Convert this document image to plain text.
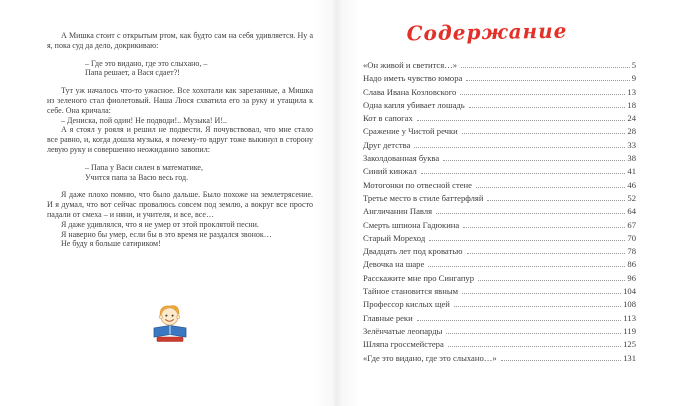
А Мишка стоит с открытым ртом, как будто сам на себя удивляется. Ну а я, пока суд да дело, докрикиваю:

– Где это видано, где это слыхано, –

Папа решает, а Вася сдает?!

Тут уж началось что-то ужасное. Все хохотали как зарезанные, а Мишка из зеленого стал фиолетовый. Наша Люся схватила его за руку и утащила к себе. Она кричала:

– Дениска, пой один! Не подводи!.. Музыка! И!..

А я стоял у рояля и решил не подвести. Я почувствовал, что мне стало все равно, и, когда дошла музыка, я почему-то вдруг тоже выкинул в сторону левую руку и совершенно неожиданно завопил:

– Папа у Васи силен в математике,

Учится папа за Васю весь год.

Я даже плохо помню, что было дальше. Было похоже на землетрясение. И я думал, что вот сейчас провалюсь совсем под землю, а вокруг все просто падали от смеха – и няни, и учителя, и все, все…

Я даже удивлялся, что я не умер от этой проклятой песни.

Я наверно бы умер, если бы в это время не раздался звонок…

Не буду я больше сатириком!

Содержание
«Он живой и светится…»	5
Надо иметь чувство юмора	9
Слава Ивана Козловского	13
Одна капля убивает лошадь	18
Кот в сапогах	24
Сражение у Чистой речки	28
Друг детства	33
Заколдованная буква	38
Синий кинжал	41
Мотогонки по отвесной стене	46
Третье место в стиле баттерфляй	52
Англичанин Павля	64
Смерть шпиона Гадюкина	67
Старый Мореход	70
Двадцать лет под кроватью	78
Девочка на шаре	86
Расскажите мне про Сингапур	96
Тайное становится явным	104
Профессор кислых щей	108
Главные реки	113
Зелёнчатые леопарды	119
Шляпа гроссмейстера	125
«Где это видано, где это слыхано…»	131
